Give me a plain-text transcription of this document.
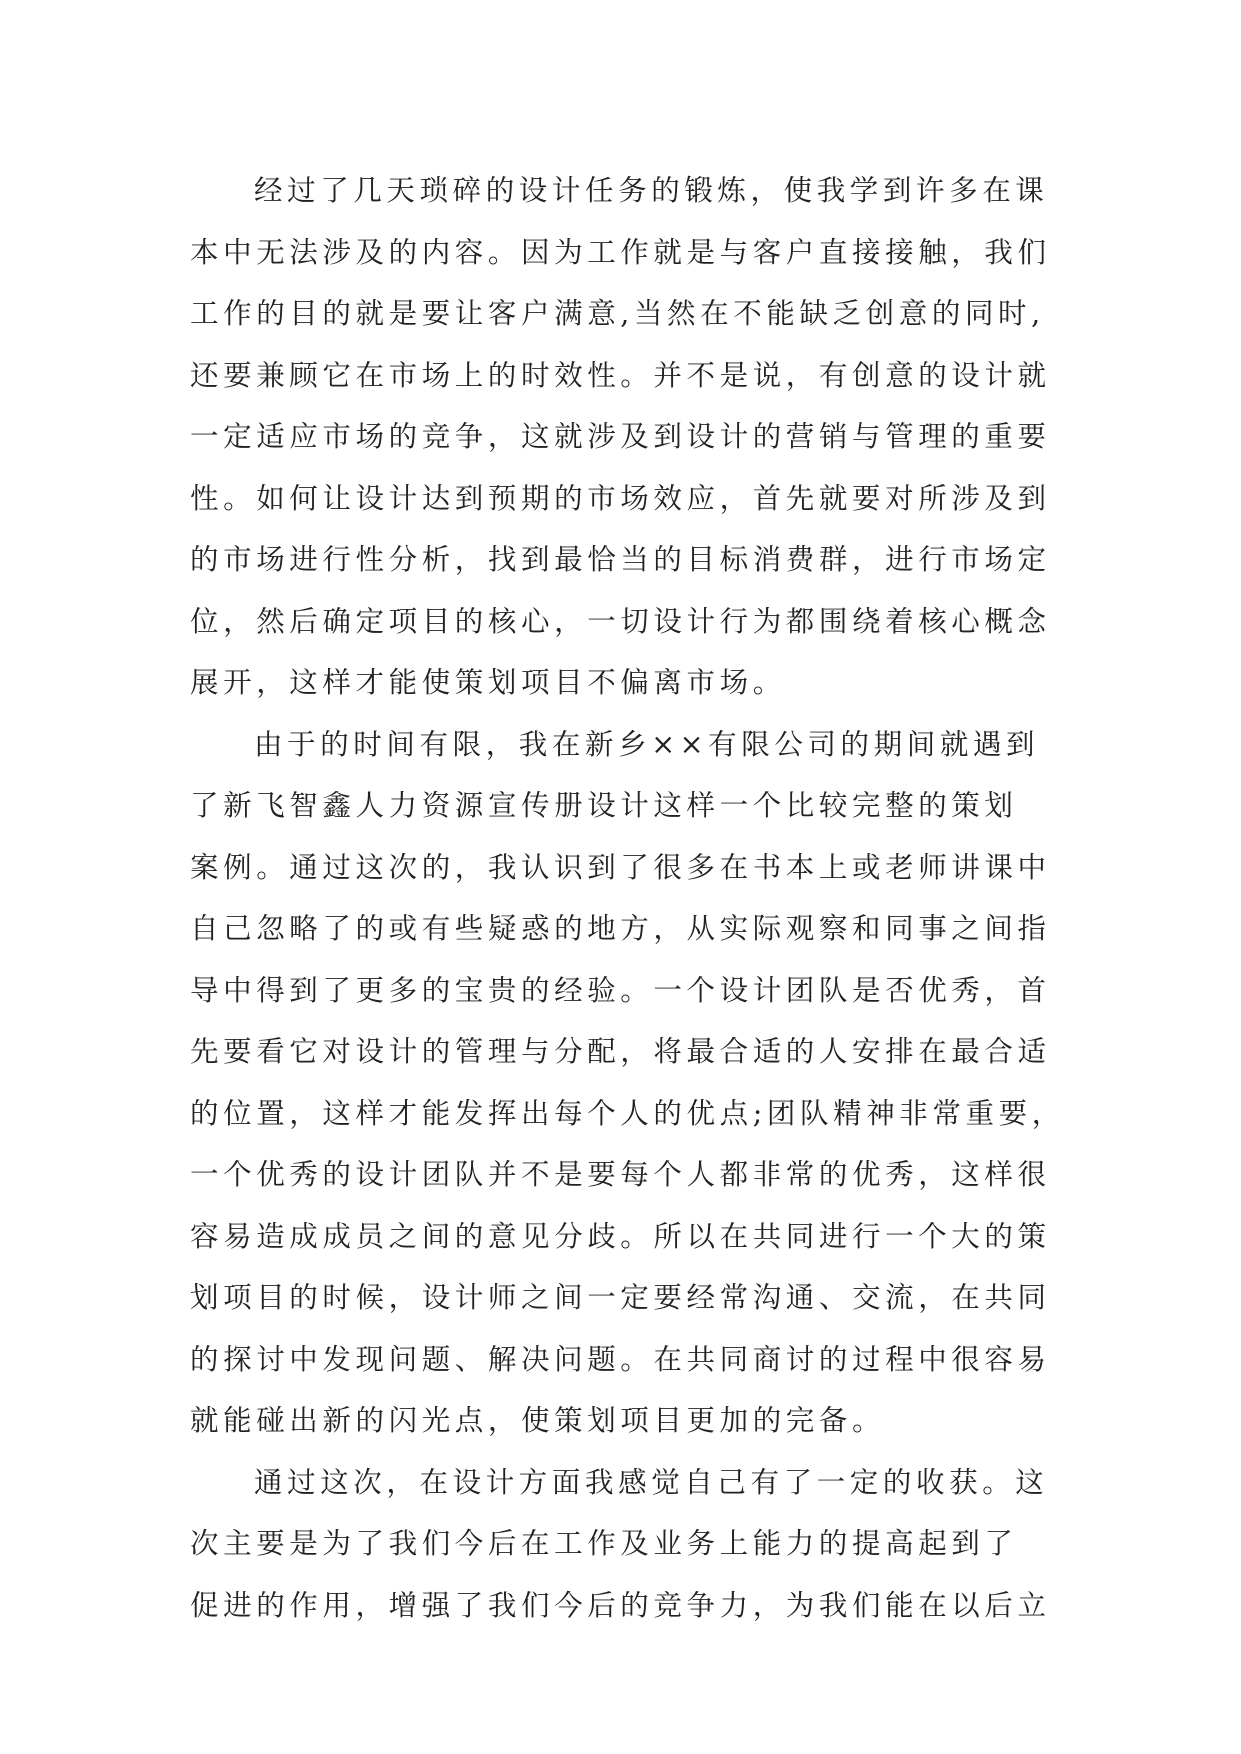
经过了几天琐碎的设计任务的锻炼，使我学到许多在课
本中无法涉及的内容。因为工作就是与客户直接接触，我们
工作的目的就是要让客户满意,当然在不能缺乏创意的同时,
还要兼顾它在市场上的时效性。并不是说，有创意的设计就
一定适应市场的竞争，这就涉及到设计的营销与管理的重要
性。如何让设计达到预期的市场效应，首先就要对所涉及到
的市场进行性分析，找到最恰当的目标消费群，进行市场定
位，然后确定项目的核心，一切设计行为都围绕着核心概念
展开，这样才能使策划项目不偏离市场。
由于的时间有限，我在新乡××有限公司的期间就遇到
了新飞智鑫人力资源宣传册设计这样一个比较完整的策划
案例。通过这次的，我认识到了很多在书本上或老师讲课中
自己忽略了的或有些疑惑的地方，从实际观察和同事之间指
导中得到了更多的宝贵的经验。一个设计团队是否优秀，首
先要看它对设计的管理与分配，将最合适的人安排在最合适
的位置，这样才能发挥出每个人的优点;团队精神非常重要，
一个优秀的设计团队并不是要每个人都非常的优秀，这样很
容易造成成员之间的意见分歧。所以在共同进行一个大的策
划项目的时候，设计师之间一定要经常沟通、交流，在共同
的探讨中发现问题、解决问题。在共同商讨的过程中很容易
就能碰出新的闪光点，使策划项目更加的完备。
通过这次，在设计方面我感觉自己有了一定的收获。这
次主要是为了我们今后在工作及业务上能力的提高起到了
促进的作用，增强了我们今后的竞争力，为我们能在以后立
